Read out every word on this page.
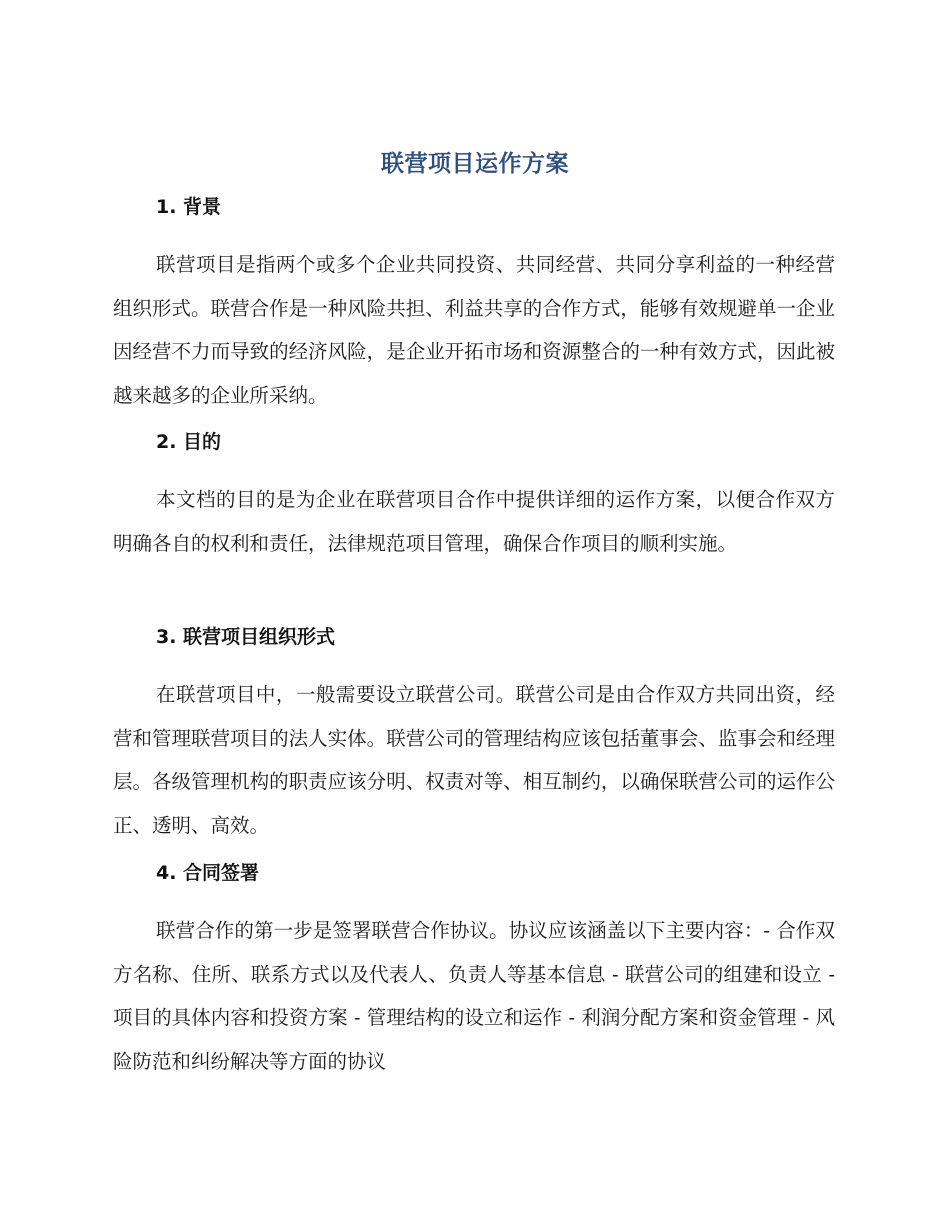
联营项目运作方案
1. 背景

联营项目是指两个或多个企业共同投资、共同经营、共同分享利益的一种经营组织形式。联营合作是一种风险共担、利益共享的合作方式，能够有效规避单一企业因经营不力而导致的经济风险，是企业开拓市场和资源整合的一种有效方式，因此被越来越多的企业所采纳。

2. 目的

本文档的目的是为企业在联营项目合作中提供详细的运作方案，以便合作双方明确各自的权利和责任，法律规范项目管理，确保合作项目的顺利实施。

3. 联营项目组织形式

在联营项目中，一般需要设立联营公司。联营公司是由合作双方共同出资，经营和管理联营项目的法人实体。联营公司的管理结构应该包括董事会、监事会和经理层。各级管理机构的职责应该分明、权责对等、相互制约，以确保联营公司的运作公正、透明、高效。

4. 合同签署

联营合作的第一步是签署联营合作协议。协议应该涵盖以下主要内容：- 合作双方名称、住所、联系方式以及代表人、负责人等基本信息 - 联营公司的组建和设立 - 项目的具体内容和投资方案 - 管理结构的设立和运作 - 利润分配方案和资金管理 - 风险防范和纠纷解决等方面的协议
